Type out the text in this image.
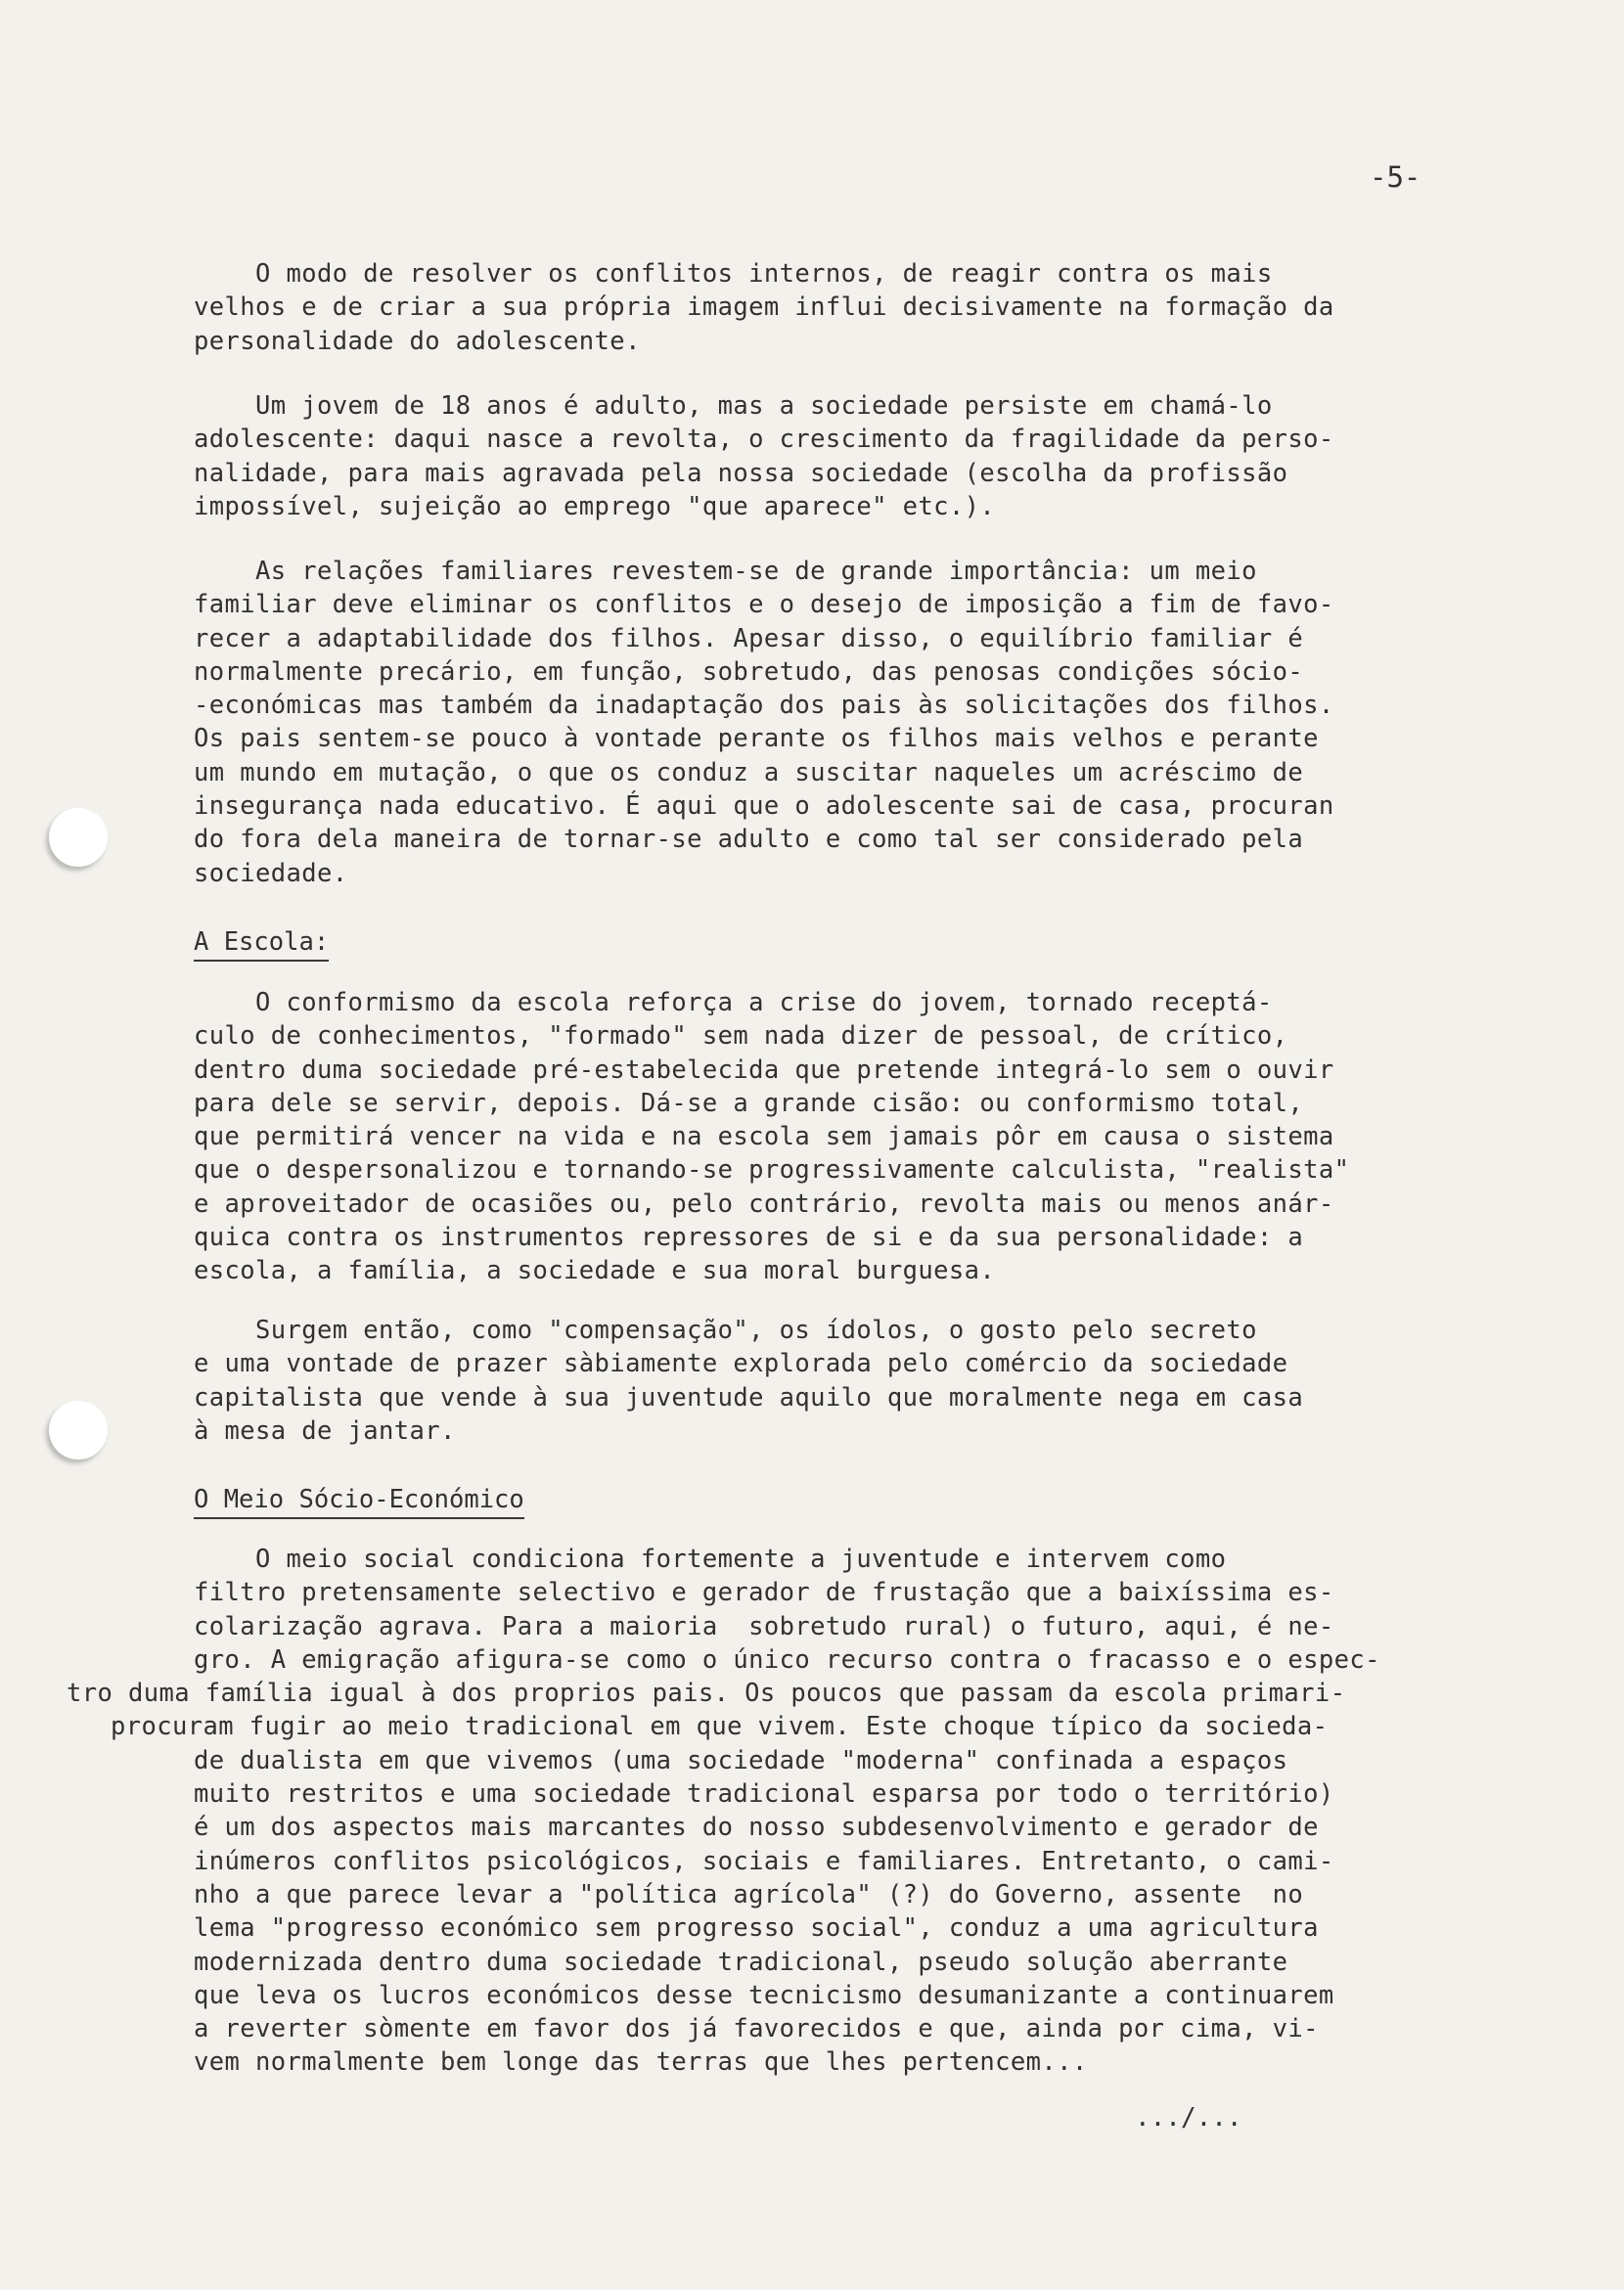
-5-
O modo de resolver os conflitos internos, de reagir contra os mais
velhos e de criar a sua própria imagem influi decisivamente na formação da
personalidade do adolescente.
Um jovem de 18 anos é adulto, mas a sociedade persiste em chamá-lo
adolescente: daqui nasce a revolta, o crescimento da fragilidade da perso-
nalidade, para mais agravada pela nossa sociedade (escolha da profissão
impossível, sujeição ao emprego "que aparece" etc.).
As relações familiares revestem-se de grande importância: um meio
familiar deve eliminar os conflitos e o desejo de imposição a fim de favo-
recer a adaptabilidade dos filhos. Apesar disso, o equilíbrio familiar é
normalmente precário, em função, sobretudo, das penosas condições sócio-
-económicas mas também da inadaptação dos pais às solicitações dos filhos.
Os pais sentem-se pouco à vontade perante os filhos mais velhos e perante
um mundo em mutação, o que os conduz a suscitar naqueles um acréscimo de
insegurança nada educativo. É aqui que o adolescente sai de casa, procuran
do fora dela maneira de tornar-se adulto e como tal ser considerado pela
sociedade.
A Escola:
O conformismo da escola reforça a crise do jovem, tornado receptá-
culo de conhecimentos, "formado" sem nada dizer de pessoal, de crítico,
dentro duma sociedade pré-estabelecida que pretende integrá-lo sem o ouvir
para dele se servir, depois. Dá-se a grande cisão: ou conformismo total,
que permitirá vencer na vida e na escola sem jamais pôr em causa o sistema
que o despersonalizou e tornando-se progressivamente calculista, "realista"
e aproveitador de ocasiões ou, pelo contrário, revolta mais ou menos anár-
quica contra os instrumentos repressores de si e da sua personalidade: a
escola, a família, a sociedade e sua moral burguesa.
Surgem então, como "compensação", os ídolos, o gosto pelo secreto
e uma vontade de prazer sàbiamente explorada pelo comércio da sociedade
capitalista que vende à sua juventude aquilo que moralmente nega em casa
à mesa de jantar.
O Meio Sócio-Económico
O meio social condiciona fortemente a juventude e intervem como
filtro pretensamente selectivo e gerador de frustação que a baixíssima es-
colarização agrava. Para a maioria  sobretudo rural) o futuro, aqui, é ne-
gro. A emigração afigura-se como o único recurso contra o fracasso e o espec-
tro duma família igual à dos proprios pais. Os poucos que passam da escola primari-
procuram fugir ao meio tradicional em que vivem. Este choque típico da socieda-
de dualista em que vivemos (uma sociedade "moderna" confinada a espaços
muito restritos e uma sociedade tradicional esparsa por todo o território)
é um dos aspectos mais marcantes do nosso subdesenvolvimento e gerador de
inúmeros conflitos psicológicos, sociais e familiares. Entretanto, o cami-
nho a que parece levar a "política agrícola" (?) do Governo, assente  no
lema "progresso económico sem progresso social", conduz a uma agricultura
modernizada dentro duma sociedade tradicional, pseudo solução aberrante
que leva os lucros económicos desse tecnicismo desumanizante a continuarem
a reverter sòmente em favor dos já favorecidos e que, ainda por cima, vi-
vem normalmente bem longe das terras que lhes pertencem...
.../...
